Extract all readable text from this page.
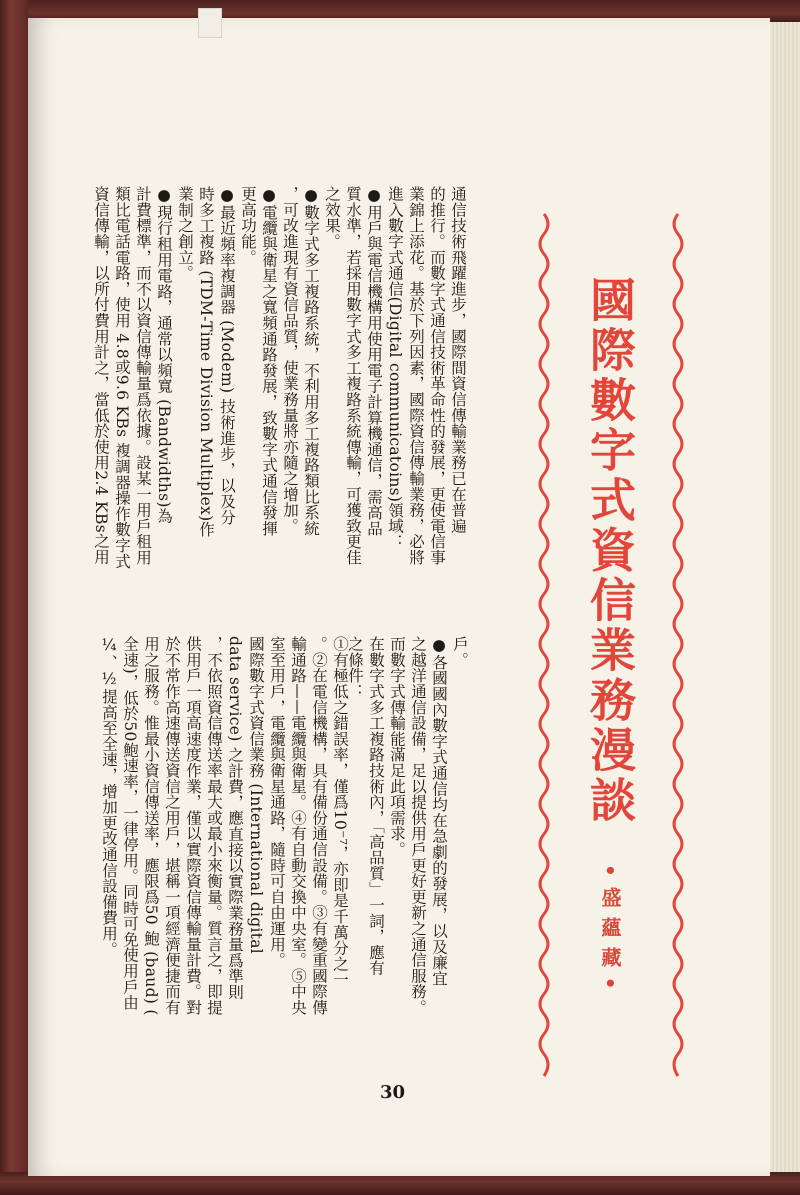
通信技術飛躍進步，國際間資信傳輸業務已在普遍
的推行。而數字式通信技術革命性的發展，更使電信事
業錦上添花。基於下列因素，國際資信傳輸業務，必將
進入數字式通信(Digital communicatoins)領域：
●用戶與電信機構用使用電子計算機通信，需高品
質水準，若採用數字式多工複路系統傳輸，可獲致更佳
之效果。
●數字式多工複路系統，不利用多工複路類比系統
，可改進現有資信品質，使業務量將亦隨之增加。
●電纜與衛星之寬頻通路發展，致數字式通信發揮
更高功能。
●最近頻率複調器 (Modem) 技術進步，以及分
時多工複路 (TDM-Time Division Multiplex)作
業制之創立。
●現行租用電路，通常以頻寬 (Bandwidths)為
計費標準，而不以資信傳輸量爲依據。設某一用戶租用
類比電話電路，使用 4.8或9.6 KBs 複調器操作數字式
資信傳輸，以所付費用計之，當低於使用2.4 KBs之用
戶。
●各國國內數字式通信均在急劇的發展，以及廉宜
之越洋通信設備，足以提供用戶更好更新之通信服務。
而數字式傳輸能滿足此項需求。
在數字式多工複路技術內，「高品質」一詞，應有
之條件：
①有極低之錯誤率，僅爲10⁻⁷，亦即是千萬分之一
。②在電信機構，具有備份通信設備。③有變重國際傳
輸通路——電纜與衛星。④有自動交換中央室。⑤中央
室至用戶，電纜與衛星通路，隨時可自由運用。
國際數字式資信業務 (International digital
data service) 之計費，應直接以實際業務量爲準則
，不依照資信傳送率最大或最小來衡量。質言之，即提
供用戶一項高速度作業，僅以實際資信傳輸量計費。對
於不常作高速傳送資信之用戶，堪稱一項經濟便捷而有
用之服務。惟最小資信傳送率，應限爲50 鮑 (baud) (
全速)，低於50鮑速率，一律停用。同時可免使用戶由
¼、½提高至全速，增加更改通信設備費用。	國際數字式資信業務漫談
•盛蘊藏•
30
